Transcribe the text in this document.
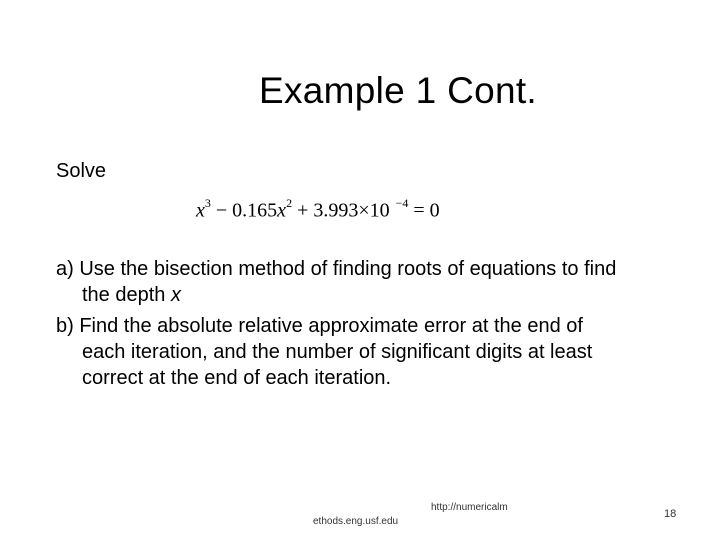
Example 1 Cont.
Solve
$x^3 - 0.165x^2 + 3.993\times 10$ $^{-4}$ = 0
a) Use the bisection method of finding roots of equations to find
the depth x
b) Find the absolute relative approximate error at the end of
each iteration, and the number of significant digits at least
correct at the end of each iteration.
ethods.eng.usf.edu
http://numericalm
18
